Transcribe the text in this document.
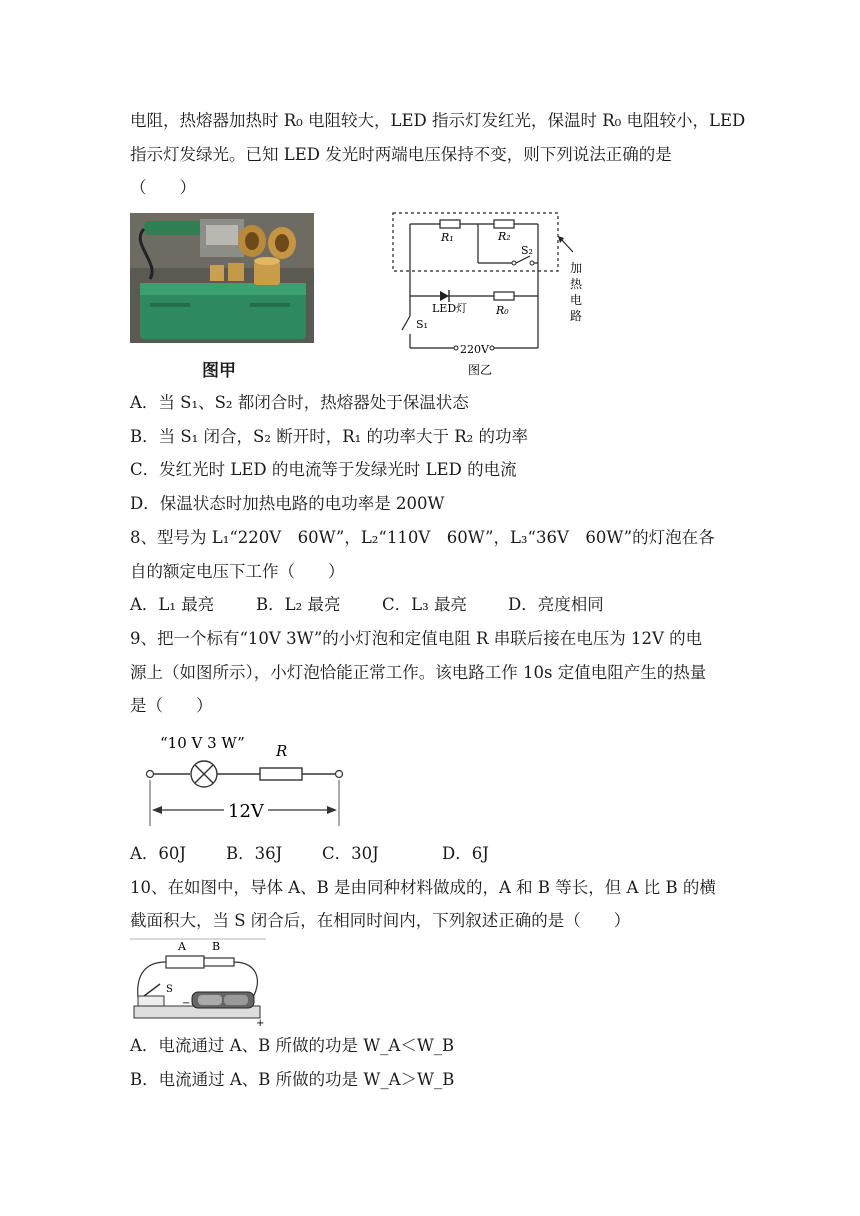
电阻，热熔器加热时 R₀ 电阻较大，LED 指示灯发红光，保温时 R₀ 电阻较小，LED
指示灯发绿光。已知 LED 发光时两端电压保持不变，则下列说法正确的是
（　　）
图甲
R₁	R₂
S₂
LED灯	R₀
S₁
220V
加
热
电
路
图乙
A．当 S₁、S₂ 都闭合时，热熔器处于保温状态
B．当 S₁ 闭合，S₂ 断开时，R₁ 的功率大于 R₂ 的功率
C．发红光时 LED 的电流等于发绿光时 LED 的电流
D．保温状态时加热电路的电功率是 200W
8、型号为 L₁“220V　60W”，L₂“110V　60W”，L₃“36V　60W”的灯泡在各
自的额定电压下工作（　　）
A．L₁ 最亮	B．L₂ 最亮	C．L₃ 最亮 D．亮度相同
9、把一个标有“10V 3W”的小灯泡和定值电阻 R 串联后接在电压为 12V 的电
源上（如图所示），小灯泡恰能正常工作。该电路工作 10s 定值电阻产生的热量
是（　　）
“10 V 3 W” R
12V
A．60J B．36J C．30J	D．6J
10、在如图中，导体 A、B 是由同种材料做成的，A 和 B 等长，但 A 比 B 的横
截面积大，当 S 闭合后，在相同时间内，下列叙述正确的是（　　）
A B
S
−
+
A．电流通过 A、B 所做的功是 W_A＜W_B
B．电流通过 A、B 所做的功是 W_A＞W_B
